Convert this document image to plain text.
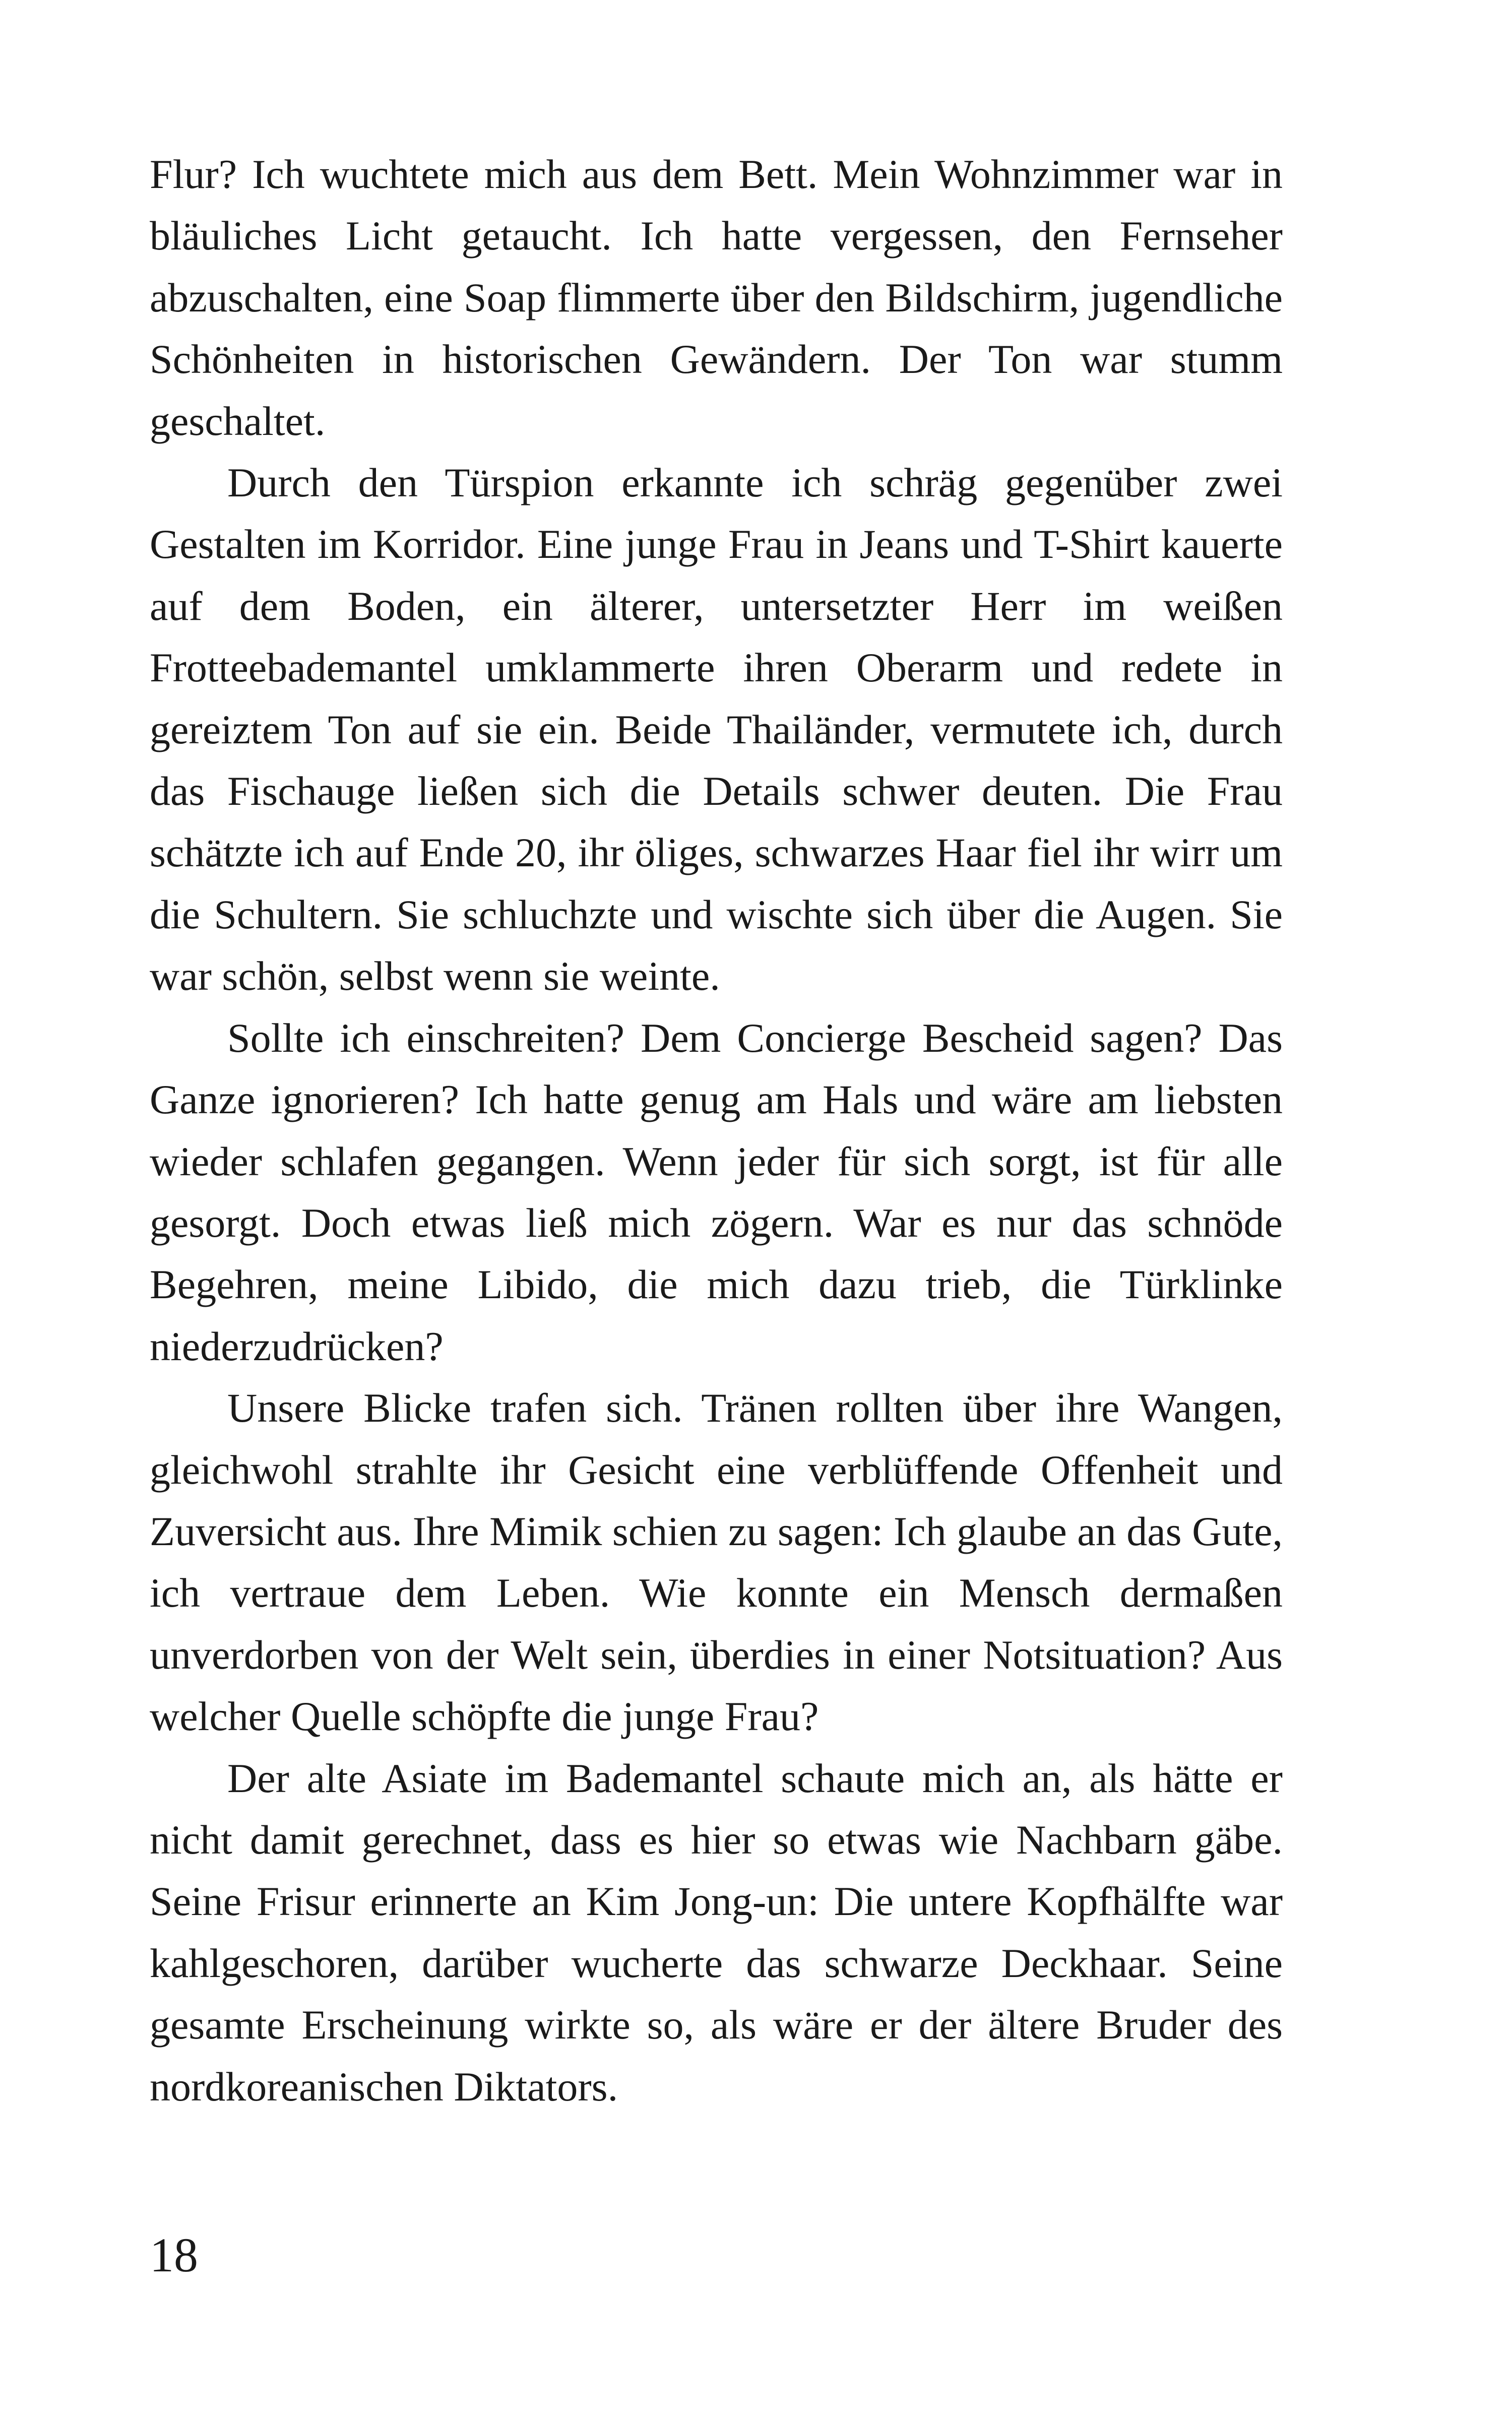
Flur? Ich wuchtete mich aus dem Bett. Mein Wohnzimmer war in bläuliches Licht getaucht. Ich hatte vergessen, den Fernseher abzuschalten, eine Soap flimmerte über den Bildschirm, jugendliche Schönheiten in historischen Gewändern. Der Ton war stumm geschaltet.

Durch den Türspion erkannte ich schräg gegenüber zwei Gestalten im Korridor. Eine junge Frau in Jeans und T-Shirt kauerte auf dem Boden, ein älterer, untersetzter Herr im weißen Frotteebademantel umklammerte ihren Oberarm und redete in gereiztem Ton auf sie ein. Beide Thailänder, vermutete ich, durch das Fischauge ließen sich die Details schwer deuten. Die Frau schätzte ich auf Ende 20, ihr öliges, schwarzes Haar fiel ihr wirr um die Schultern. Sie schluchzte und wischte sich über die Augen. Sie war schön, selbst wenn sie weinte.

Sollte ich einschreiten? Dem Concierge Bescheid sagen? Das Ganze ignorieren? Ich hatte genug am Hals und wäre am liebsten wieder schlafen gegangen. Wenn jeder für sich sorgt, ist für alle gesorgt. Doch etwas ließ mich zögern. War es nur das schnöde Begehren, meine Libido, die mich dazu trieb, die Türklinke niederzudrücken?

Unsere Blicke trafen sich. Tränen rollten über ihre Wangen, gleichwohl strahlte ihr Gesicht eine verblüffende Offenheit und Zuversicht aus. Ihre Mimik schien zu sagen: Ich glaube an das Gute, ich vertraue dem Leben. Wie konnte ein Mensch dermaßen unverdorben von der Welt sein, überdies in einer Notsituation? Aus welcher Quelle schöpfte die junge Frau?

Der alte Asiate im Bademantel schaute mich an, als hätte er nicht damit gerechnet, dass es hier so etwas wie Nachbarn gäbe. Seine Frisur erinnerte an Kim Jong-un: Die untere Kopfhälfte war kahlgeschoren, darüber wucherte das schwarze Deckhaar. Seine gesamte Erscheinung wirkte so, als wäre er der ältere Bruder des nordkoreanischen Diktators.

18
